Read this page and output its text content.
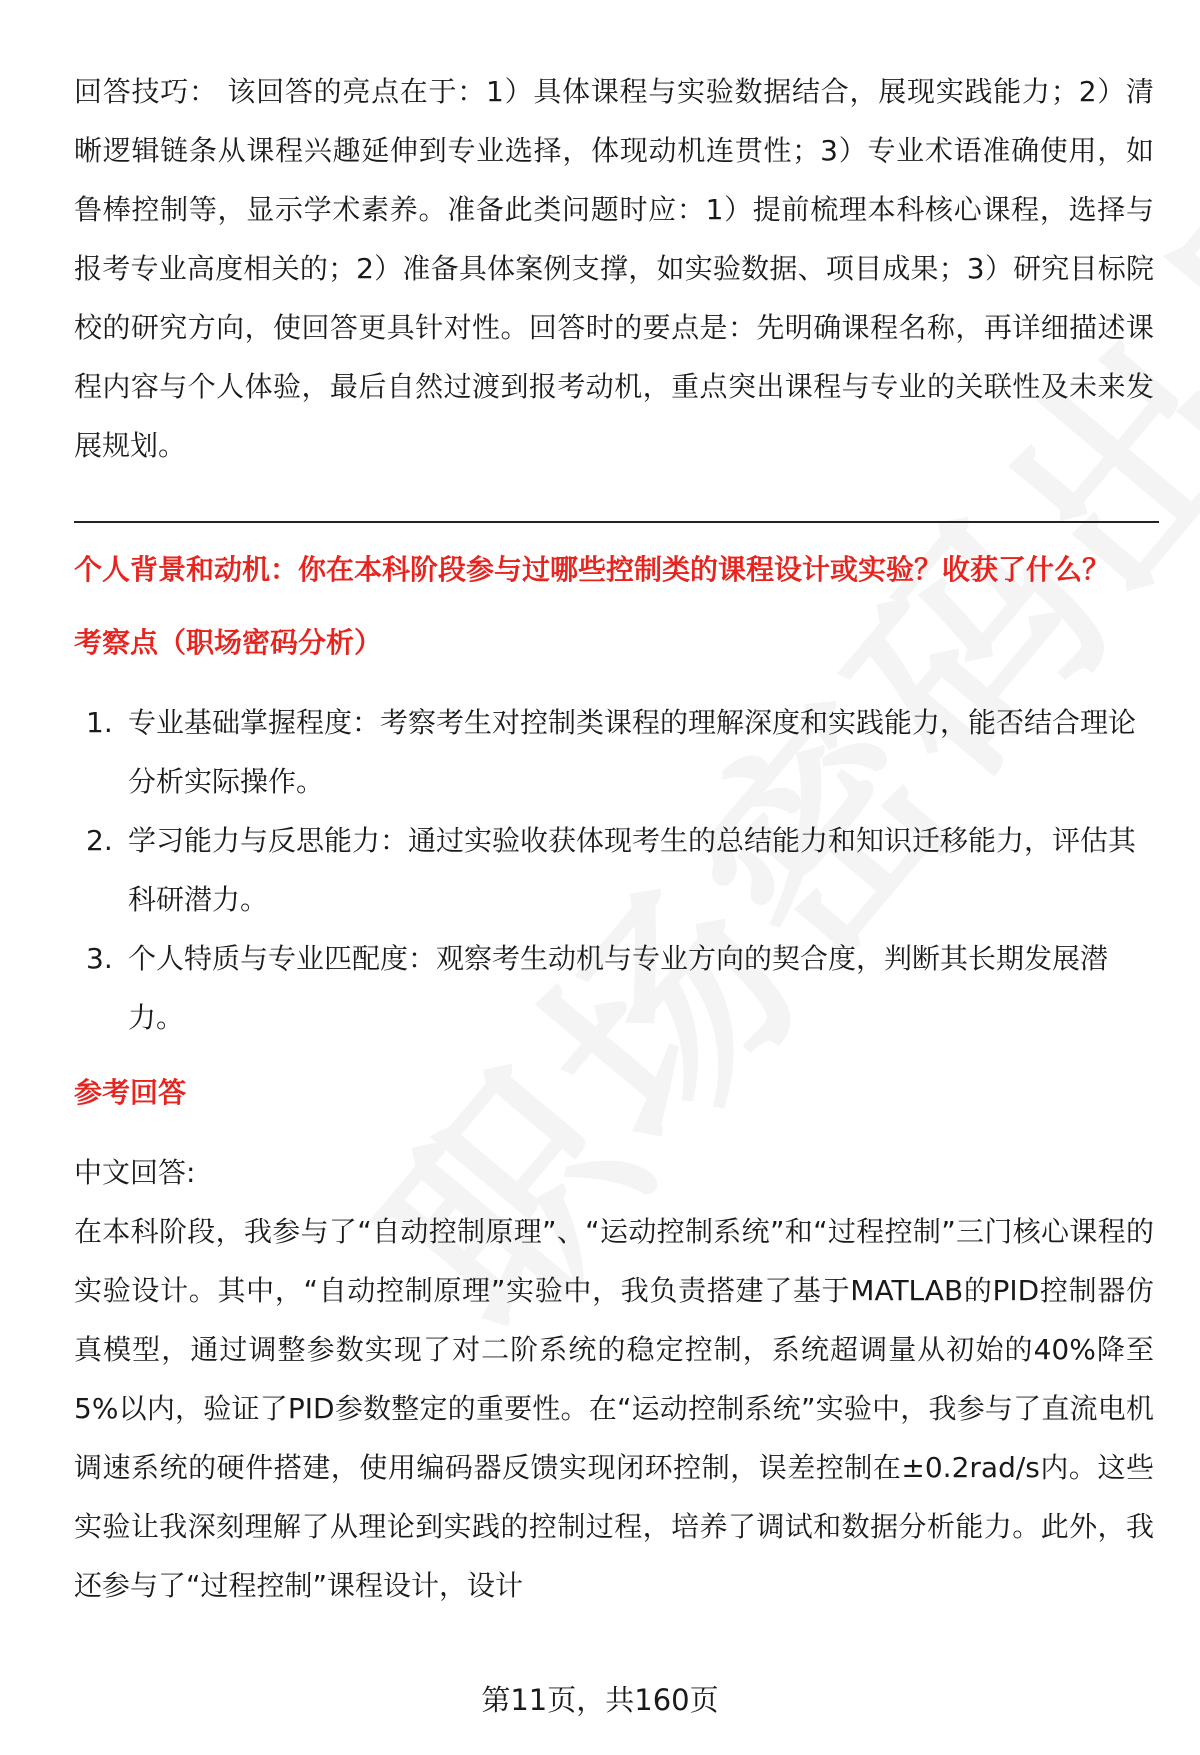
回答技巧： 该回答的亮点在于：1）具体课程与实验数据结合，展现实践能力；2）清晰逻辑链条从课程兴趣延伸到专业选择，体现动机连贯性；3）专业术语准确使用，如鲁棒控制等，显示学术素养。准备此类问题时应：1）提前梳理本科核心课程，选择与报考专业高度相关的；2）准备具体案例支撑，如实验数据、项目成果；3）研究目标院校的研究方向，使回答更具针对性。回答时的要点是：先明确课程名称，再详细描述课程内容与个人体验，最后自然过渡到报考动机，重点突出课程与专业的关联性及未来发展规划。

个人背景和动机：你在本科阶段参与过哪些控制类的课程设计或实验？收获了什么？

考察点（职场密码分析）

1. 专业基础掌握程度：考察考生对控制类课程的理解深度和实践能力，能否结合理论分析实际操作。
2. 学习能力与反思能力：通过实验收获体现考生的总结能力和知识迁移能力，评估其科研潜力。
3. 个人特质与专业匹配度：观察考生动机与专业方向的契合度，判断其长期发展潜力。

参考回答

中文回答:

在本科阶段，我参与了“自动控制原理”、“运动控制系统”和“过程控制”三门核心课程的实验设计。其中，“自动控制原理”实验中，我负责搭建了基于MATLAB的PID控制器仿真模型，通过调整参数实现了对二阶系统的稳定控制，系统超调量从初始的40%降至5%以内，验证了PID参数整定的重要性。在“运动控制系统”实验中，我参与了直流电机调速系统的硬件搭建，使用编码器反馈实现闭环控制，误差控制在±0.2rad/s内。这些实验让我深刻理解了从理论到实践的控制过程，培养了调试和数据分析能力。此外，我还参与了“过程控制”课程设计，设计

第11页，共160页
